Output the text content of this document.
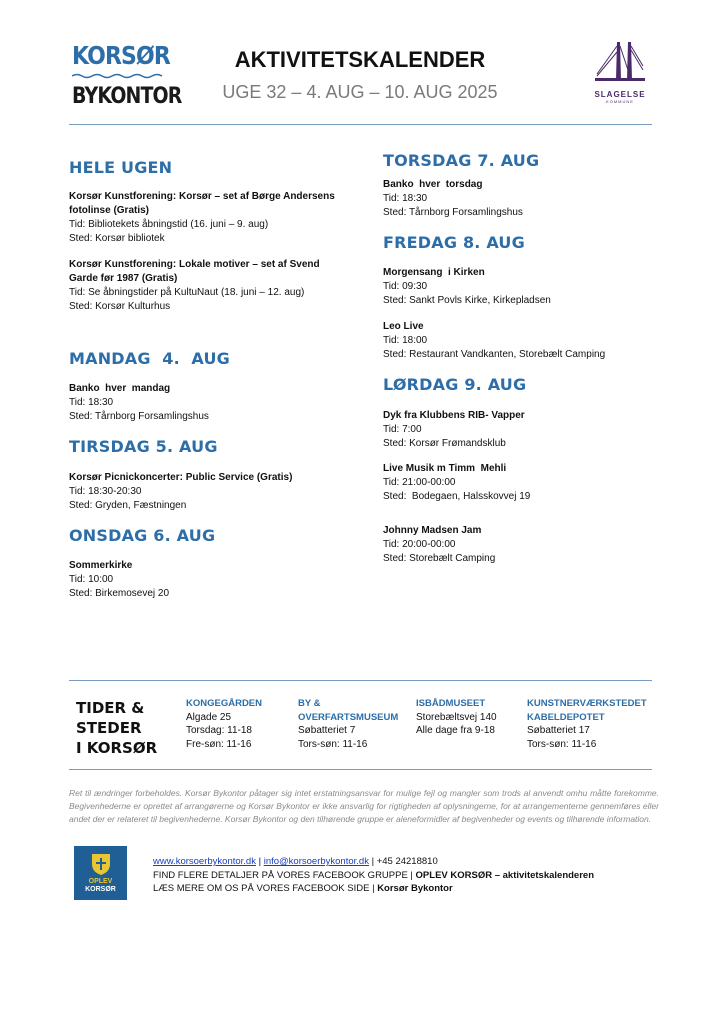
KORSØR
BYKONTOR
AKTIVITETSKALENDER
UGE 32 – 4. AUG – 10. AUG 2025	SLAGELSE
KOMMUNE
HELE UGEN
Korsør Kunstforening: Korsør – set af Børge Andersens fotolinse (Gratis)
Tid: Bibliotekets åbningstid (16. juni – 9. aug)
Sted: Korsør bibliotek
Korsør Kunstforening: Lokale motiver – set af Svend Garde før 1987 (Gratis)
Tid: Se åbningstider på KultuNaut (18. juni – 12. aug)
Sted: Korsør Kulturhus
MANDAG  4.  AUG
Banko  hver  mandag
Tid: 18:30
Sted: Tårnborg Forsamlingshus
TIRSDAG 5. AUG
Korsør Picnickoncerter: Public Service (Gratis)
Tid: 18:30-20:30
Sted: Gryden, Fæstningen
ONSDAG 6. AUG
Sommerkirke
Tid: 10:00
Sted: Birkemosevej 20
TORSDAG 7. AUG
Banko  hver  torsdag
Tid: 18:30
Sted: Tårnborg Forsamlingshus
FREDAG 8. AUG
Morgensang  i Kirken
Tid: 09:30
Sted: Sankt Povls Kirke, Kirkepladsen
Leo Live
Tid: 18:00
Sted: Restaurant Vandkanten, Storebælt Camping
LØRDAG 9. AUG
Dyk fra Klubbens RIB- Vapper
Tid: 7:00
Sted: Korsør Frømandsklub
Live Musik m Timm  Mehli
Tid: 21:00-00:00
Sted:  Bodegaen, Halsskovvej 19
Johnny Madsen Jam
Tid: 20:00-00:00
Sted: Storebælt Camping
TIDER &
STEDER
I KORSØR
KONGEGÅRDEN
Algade 25
Torsdag: 11-18
Fre-søn: 11-16
BY &
OVERFARTSMUSEUM
Søbatteriet 7
Tors-søn: 11-16
ISBÅDMUSEET
Storebæltsvej 140
Alle dage fra 9-18
KUNSTNERVÆRKSTEDET
KABELDEPOTET
Søbatteriet 17
Tors-søn: 11-16
Ret til ændringer forbeholdes. Korsør Bykontor påtager sig intet erstatningsansvar for mulige fejl og mangler som trods al anvendt omhu måtte forekomme. Begivenhederne er oprettet af arrangørerne og Korsør Bykontor er ikke ansvarlig for rigtigheden af oplysningerne, for at arrangementerne gennemføres eller andet der er relateret til begivenhederne. Korsør Bykontor og den tilhørende gruppe er aleneformidler af begivenheder og events og tilhørende information.
OPLEV
KORSØR
www.korsoerbykontor.dk | info@korsoerbykontor.dk | +45 24218810
FIND FLERE DETALJER PÅ VORES FACEBOOK GRUPPE | OPLEV KORSØR – aktivitetskalenderen
LÆS MERE OM OS PÅ VORES FACEBOOK SIDE | Korsør Bykontor
